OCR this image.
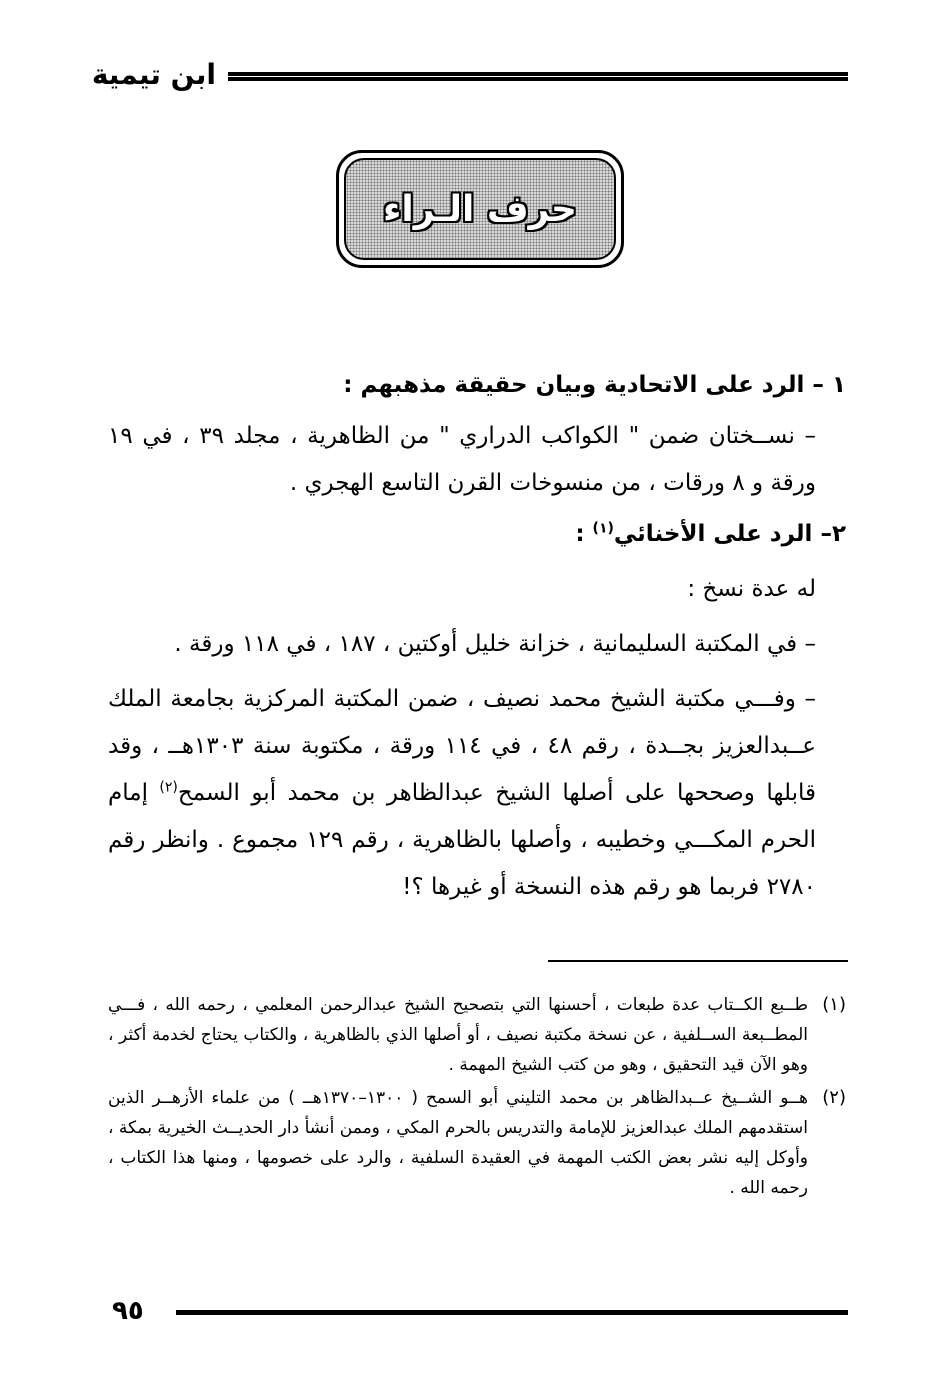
ابن تيمية
حرف الـراء

١ – الرد على الاتحادية وبيان حقيقة مذهبهم :

– نســختان ضمن " الكواكب الدراري " من الظاهرية ، مجلد ٣٩ ، في ١٩ ورقة و ٨ ورقات ، من منسوخات القرن التاسع الهجري .

٢– الرد على الأخنائي$^{(١)}$ :

له عدة نسخ :

– في المكتبة السليمانية ، خزانة خليل أوكتين ، ١٨٧ ، في ١١٨ ورقة .

– وفـــي مكتبة الشيخ محمد نصيف ، ضمن المكتبة المركزية بجامعة الملك عــبدالعزيز بجــدة ، رقم ٤٨ ، في ١١٤ ورقة ، مكتوبة سنة ١٣٠٣هــ ، وقد قابلها وصححها على أصلها الشيخ عبدالظاهر بن محمد أبو السمح$^{(٢)}$ إمام الحرم المكـــي وخطيبه ، وأصلها بالظاهرية ، رقم ١٢٩ مجموع . وانظر رقم ٢٧٨٠ فربما هو رقم هذه النسخة أو غيرها ؟!

(١)
طــبع الكــتاب عدة طبعات ، أحسنها التي بتصحيح الشيخ عبدالرحمن المعلمي ، رحمه الله ، فـــي المطــبعة الســلفية ، عن نسخة مكتبة نصيف ، أو أصلها الذي بالظاهرية ، والكتاب يحتاج لخدمة أكثر ، وهو الآن قيد التحقيق ، وهو من كتب الشيخ المهمة .
(٢)
هــو الشــيخ عــبدالظاهر بن محمد التليني أبو السمح ( ١٣٠٠–١٣٧٠هــ ) من علماء الأزهــر الذين استقدمهم الملك عبدالعزيز للإمامة والتدريس بالحرم المكي ، وممن أنشأ دار الحديــث الخيرية بمكة ، وأوكل إليه نشر بعض الكتب المهمة في العقيدة السلفية ، والرد على خصومها ، ومنها هذا الكتاب ، رحمه الله .
٩٥
